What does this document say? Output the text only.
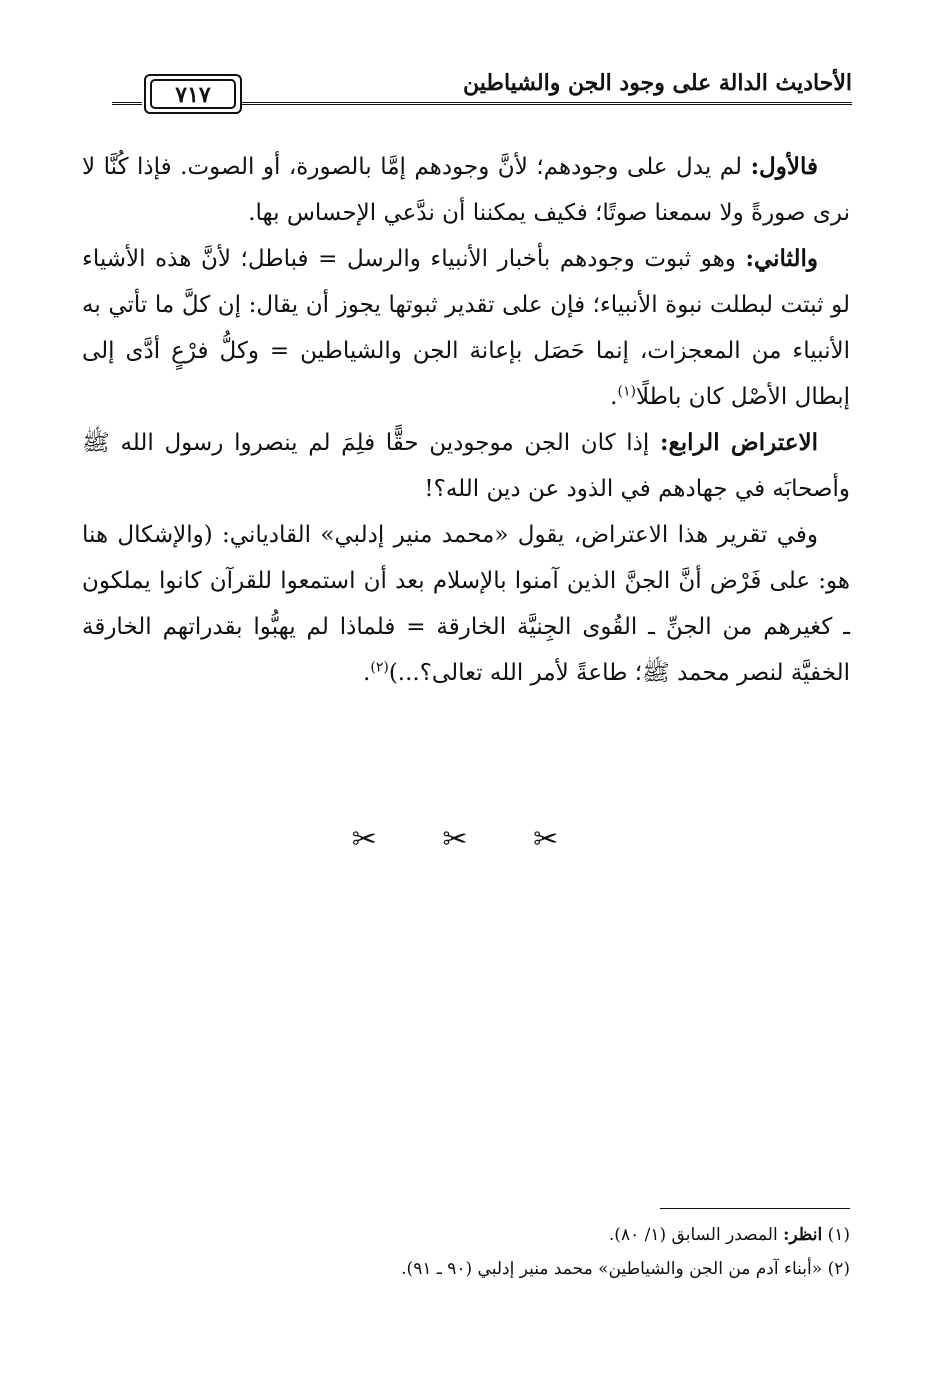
الأحاديث الدالة على وجود الجن والشياطين
٧١٧

فالأول: لم يدل على وجودهم؛ لأنَّ وجودهم إمَّا بالصورة، أو الصوت. فإذا كُنَّا لا نرى صورةً ولا سمعنا صوتًا؛ فكيف يمكننا أن ندَّعي الإحساس بها.

والثاني: وهو ثبوت وجودهم بأخبار الأنبياء والرسل = فباطل؛ لأنَّ هذه الأشياء لو ثبتت لبطلت نبوة الأنبياء؛ فإن على تقدير ثبوتها يجوز أن يقال: إن كلَّ ما تأتي به الأنبياء من المعجزات، إنما حَصَل بإعانة الجن والشياطين = وكلُّ فرْعٍ أدَّى إلى إبطال الأصْل كان باطلًا$^{(١)}$.

الاعتراض الرابع: إذا كان الجن موجودين حقًّا فلِمَ لم ينصروا رسول الله ﷺ وأصحابَه في جهادهم في الذود عن دين الله؟!

وفي تقرير هذا الاعتراض، يقول «محمد منير إدلبي» القادياني: (والإشكال هنا هو: على فَرْض أنَّ الجنَّ الذين آمنوا بالإسلام بعد أن استمعوا للقرآن كانوا يملكون ـ كغيرهم من الجنِّ ـ القُوى الجِنيَّة الخارقة = فلماذا لم يهبُّوا بقدراتهم الخارقة الخفيَّة لنصر محمد ﷺ؛ طاعةً لأمر الله تعالى؟...)$^{(٢)}$.

✂ ✂ ✂

(١) انظر: المصدر السابق (١/ ٨٠).

(٢) «أبناء آدم من الجن والشياطين» محمد منير إدلبي (٩٠ ـ ٩١).
